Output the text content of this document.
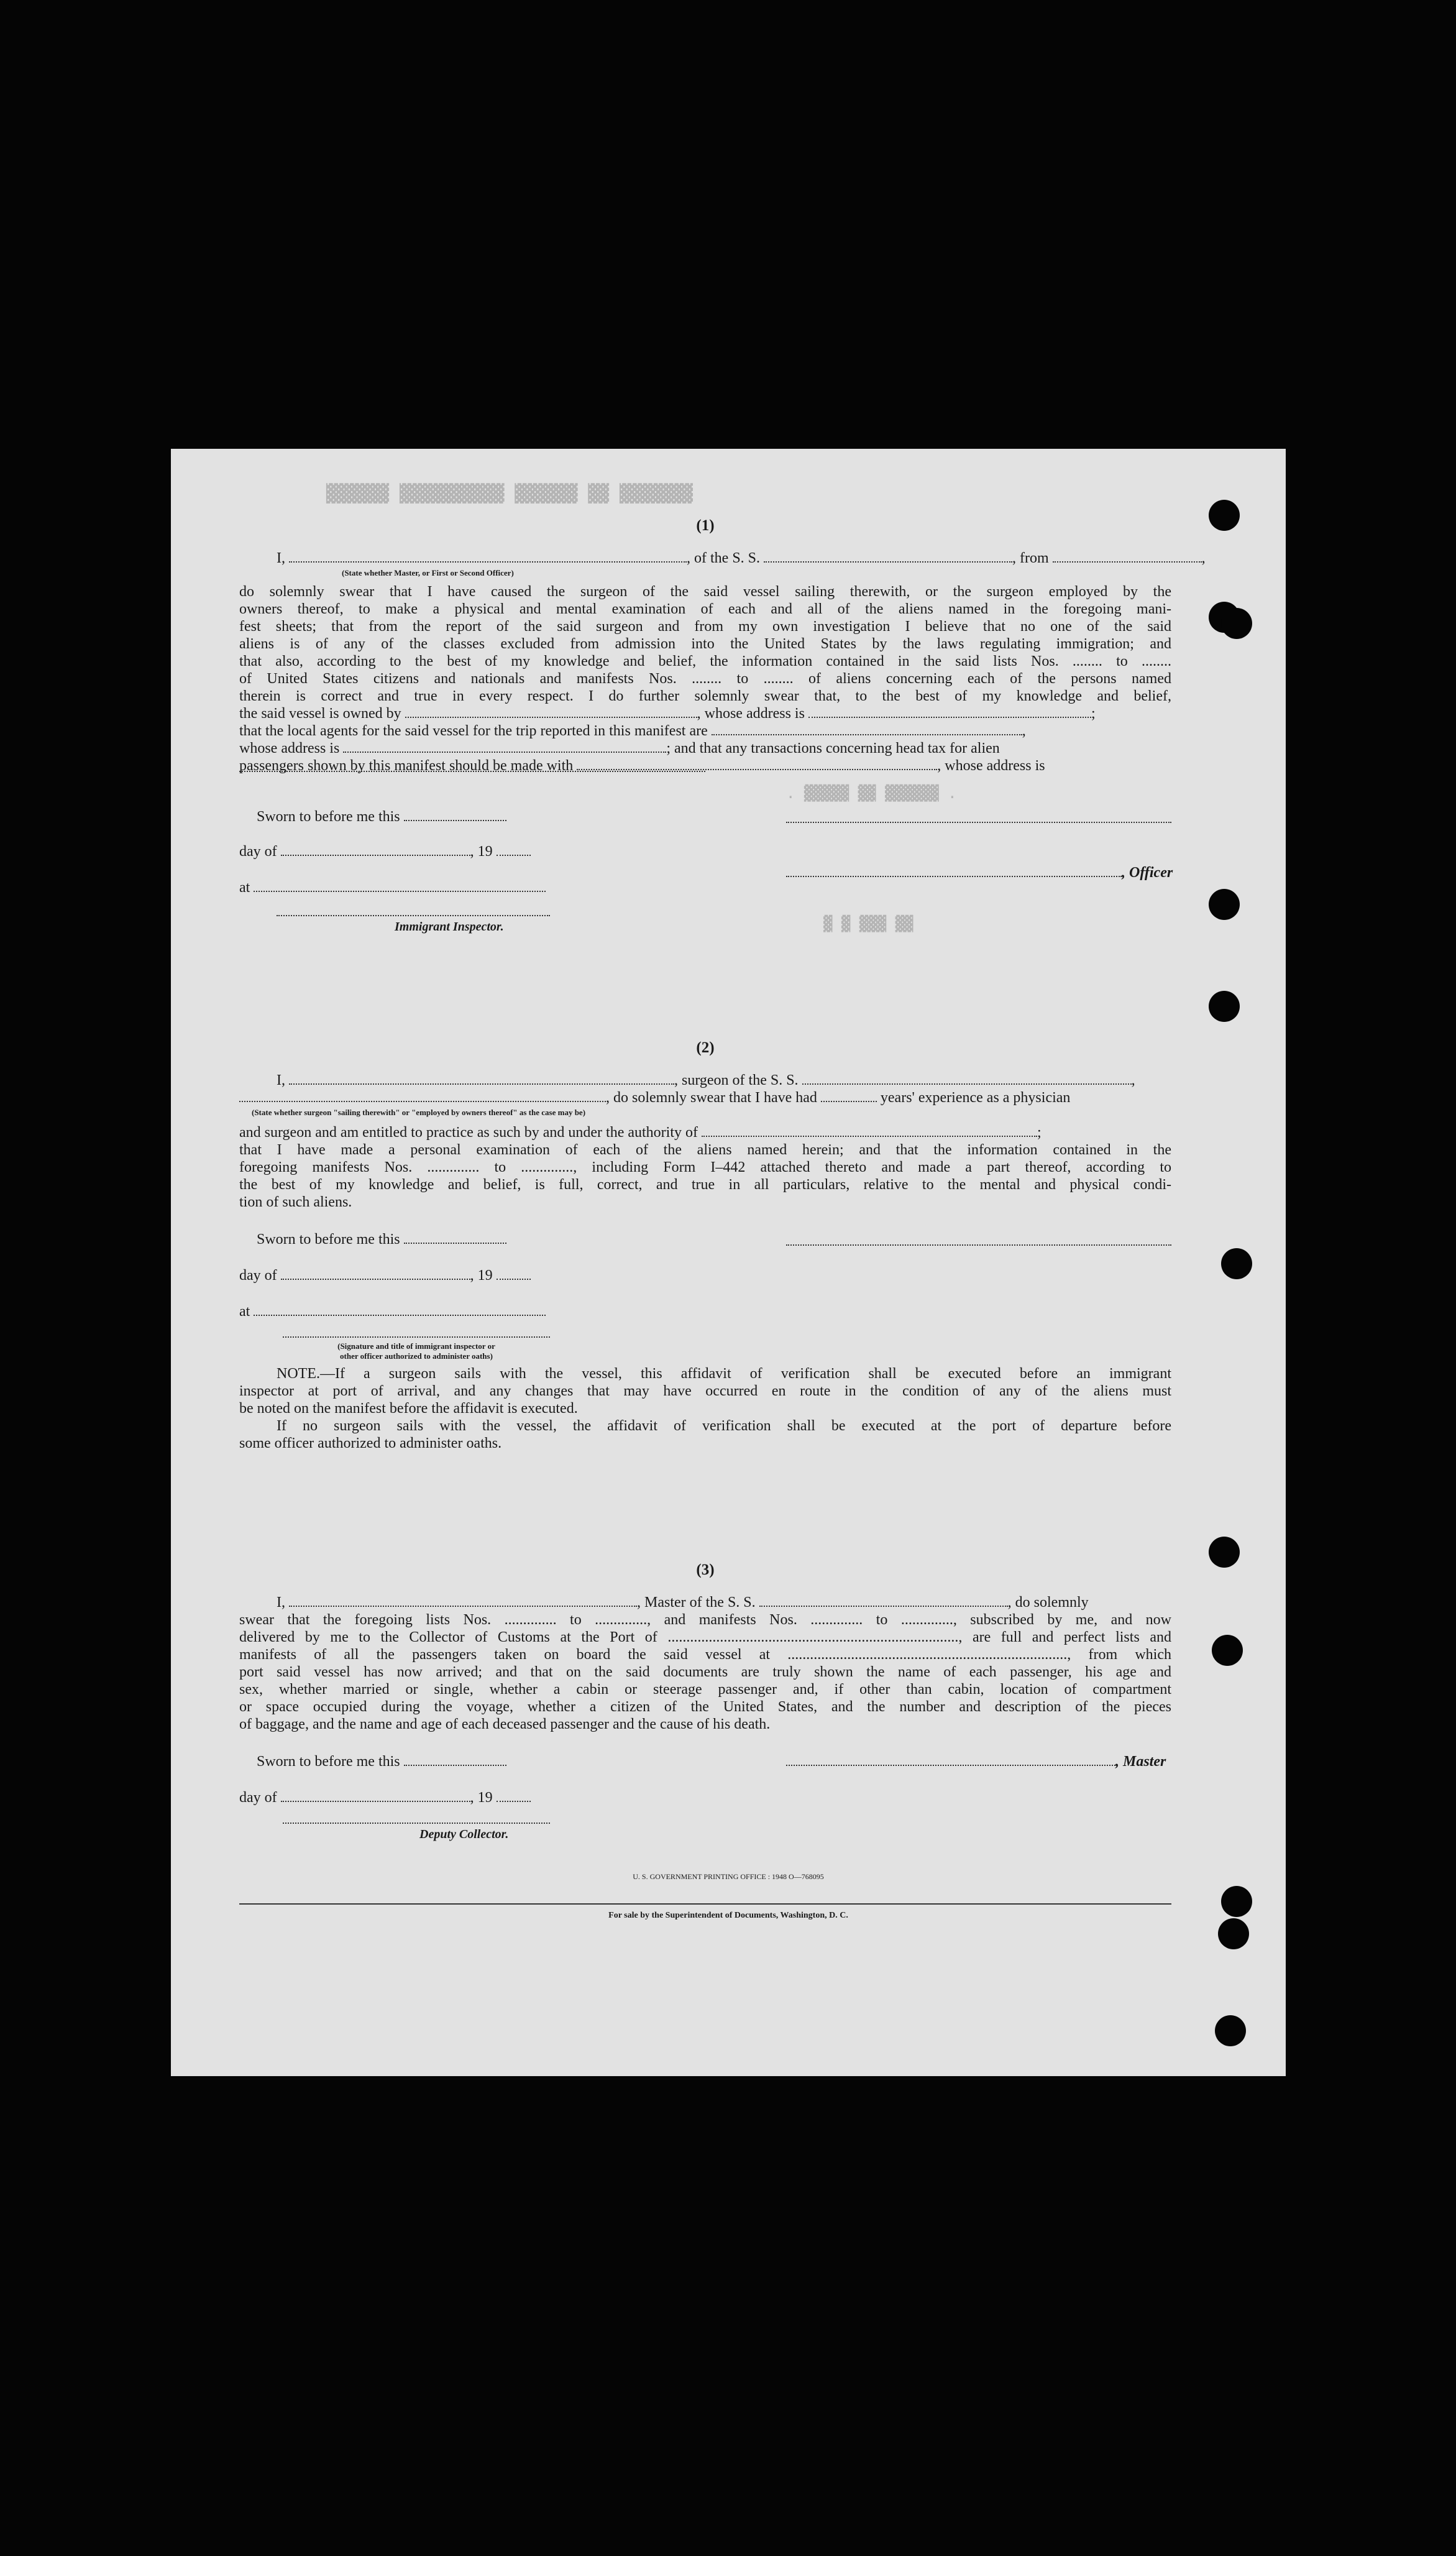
▓▓▓▓▓▓▓ ▓▓ ▓▓▓▓▓▓ ▓▓▓▓▓▓▓▓▓▓ ▓▓▓▓▓▓
(1)
I,	, of the S. S.	, from	,
(State whether Master, or First or Second Officer)
do solemnly swear that I have caused the surgeon of the said vessel sailing therewith, or the surgeon employed by the
owners thereof, to make a physical and mental examination of each and all of the aliens named in the foregoing mani-
fest sheets; that from the report of the said surgeon and from my own investigation I believe that no one of the said
aliens is of any of the classes excluded from admission into the United States by the laws regulating immigration; and
that also, according to the best of my knowledge and belief, the information contained in the said lists Nos. ........ to ........
of United States citizens and nationals and manifests Nos. ........ to ........ of aliens concerning each of the persons named
therein is correct and true in every respect. I do further solemnly swear that, to the best of my knowledge and belief,
the said vessel is owned by	, whose address is	;
that the local agents for the said vessel for the trip reported in this manifest are	,
whose address is	; and that any transactions concerning head tax for alien
passengers shown by this manifest should be made with	, whose address is
Sworn to before me this
day of	, 19
, Officer
at
Immigrant Inspector.
. ▓▓▓▓▓ ▓▓ ▓▓▓▓▓▓ .
▓ ▓ ▓▓▓ ▓▓
(2)
I,	, surgeon of the S. S.	,
, do solemnly swear that I have had	years' experience as a physician
(State whether surgeon "sailing therewith" or "employed by owners thereof" as the case may be)
and surgeon and am entitled to practice as such by and under the authority of	;
that I have made a personal examination of each of the aliens named herein; and that the information contained in the
foregoing manifests Nos. .............. to .............., including Form I–442 attached thereto and made a part thereof, according to
the best of my knowledge and belief, is full, correct, and true in all particulars, relative to the mental and physical condi-
tion of such aliens.
Sworn to before me this
day of	, 19
at
(Signature and title of immigrant inspector or
other officer authorized to administer oaths)
NOTE.—If a surgeon sails with the vessel, this affidavit of verification shall be executed before an immigrant
inspector at port of arrival, and any changes that may have occurred en route in the condition of any of the aliens must
be noted on the manifest before the affidavit is executed.
If no surgeon sails with the vessel, the affidavit of verification shall be executed at the port of departure before
some officer authorized to administer oaths.
(3)
I,	, Master of the S. S.	, do solemnly
swear that the foregoing lists Nos. .............. to .............., and manifests Nos. .............. to .............., subscribed by me, and now
delivered by me to the Collector of Customs at the Port of .............................................................................., are full and perfect lists and
manifests of all the passengers taken on board the said vessel at ..........................................................................., from which
port said vessel has now arrived; and that on the said documents are truly shown the name of each passenger, his age and
sex, whether married or single, whether a cabin or steerage passenger and, if other than cabin, location of compartment
or space occupied during the voyage, whether a citizen of the United States, and the number and description of the pieces
of baggage, and the name and age of each deceased passenger and the cause of his death.
Sworn to before me this	, Master
day of	, 19
Deputy Collector.
U. S. GOVERNMENT PRINTING OFFICE : 1948 O—768095
For sale by the Superintendent of Documents, Washington, D. C.
